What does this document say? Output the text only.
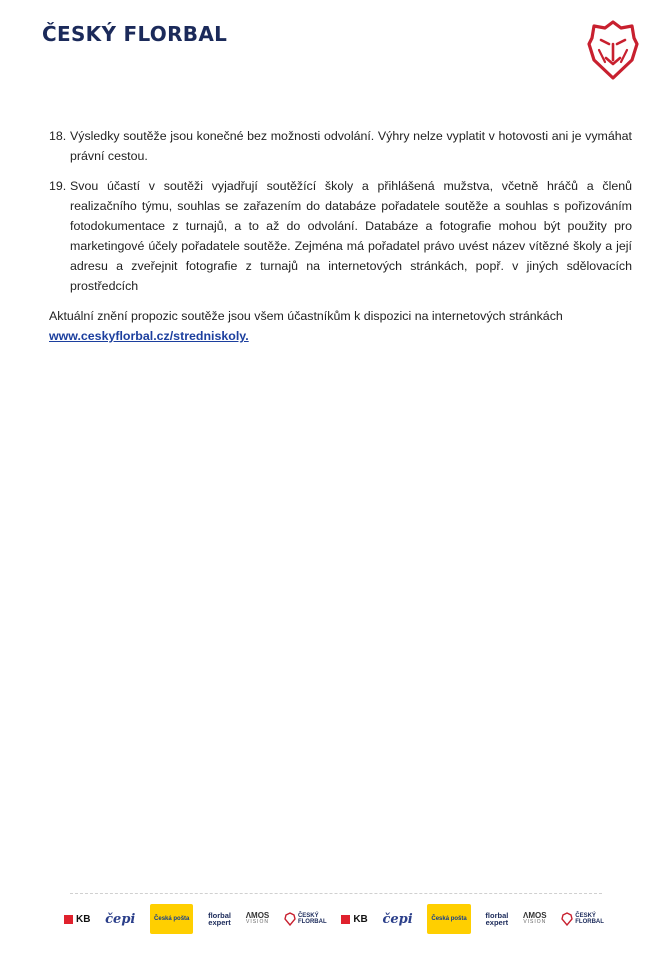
ČESKÝ FLORBAL
18. Výsledky soutěže jsou konečné bez možnosti odvolání. Výhry nelze vyplatit v hotovosti ani je vymáhat právní cestou.
19. Svou účastí v soutěži vyjadřují soutěžící školy a přihlášená mužstva, včetně hráčů a členů realizačního týmu, souhlas se zařazením do databáze pořadatele soutěže a souhlas s pořizováním fotodokumentace z turnajů, a to až do odvolání. Databáze a fotografie mohou být použity pro marketingové účely pořadatele soutěže. Zejména má pořadatel právo uvést název vítězné školy a její adresu a zveřejnit fotografie z turnajů na internetových stránkách, popř. v jiných sdělovacích prostředcích
Aktuální znění propozic soutěže jsou všem účastníkům k dispozici na internetových stránkách
www.ceskyflorbal.cz/stredniskoly.
KB čepi	Česká pošta	florbal
expert
ΛMOS
VISION
ČESKÝ
FLORBAL	KB čepi	Česká pošta	florbal
expert
ΛMOS
VISION
ČESKÝ
FLORBAL
